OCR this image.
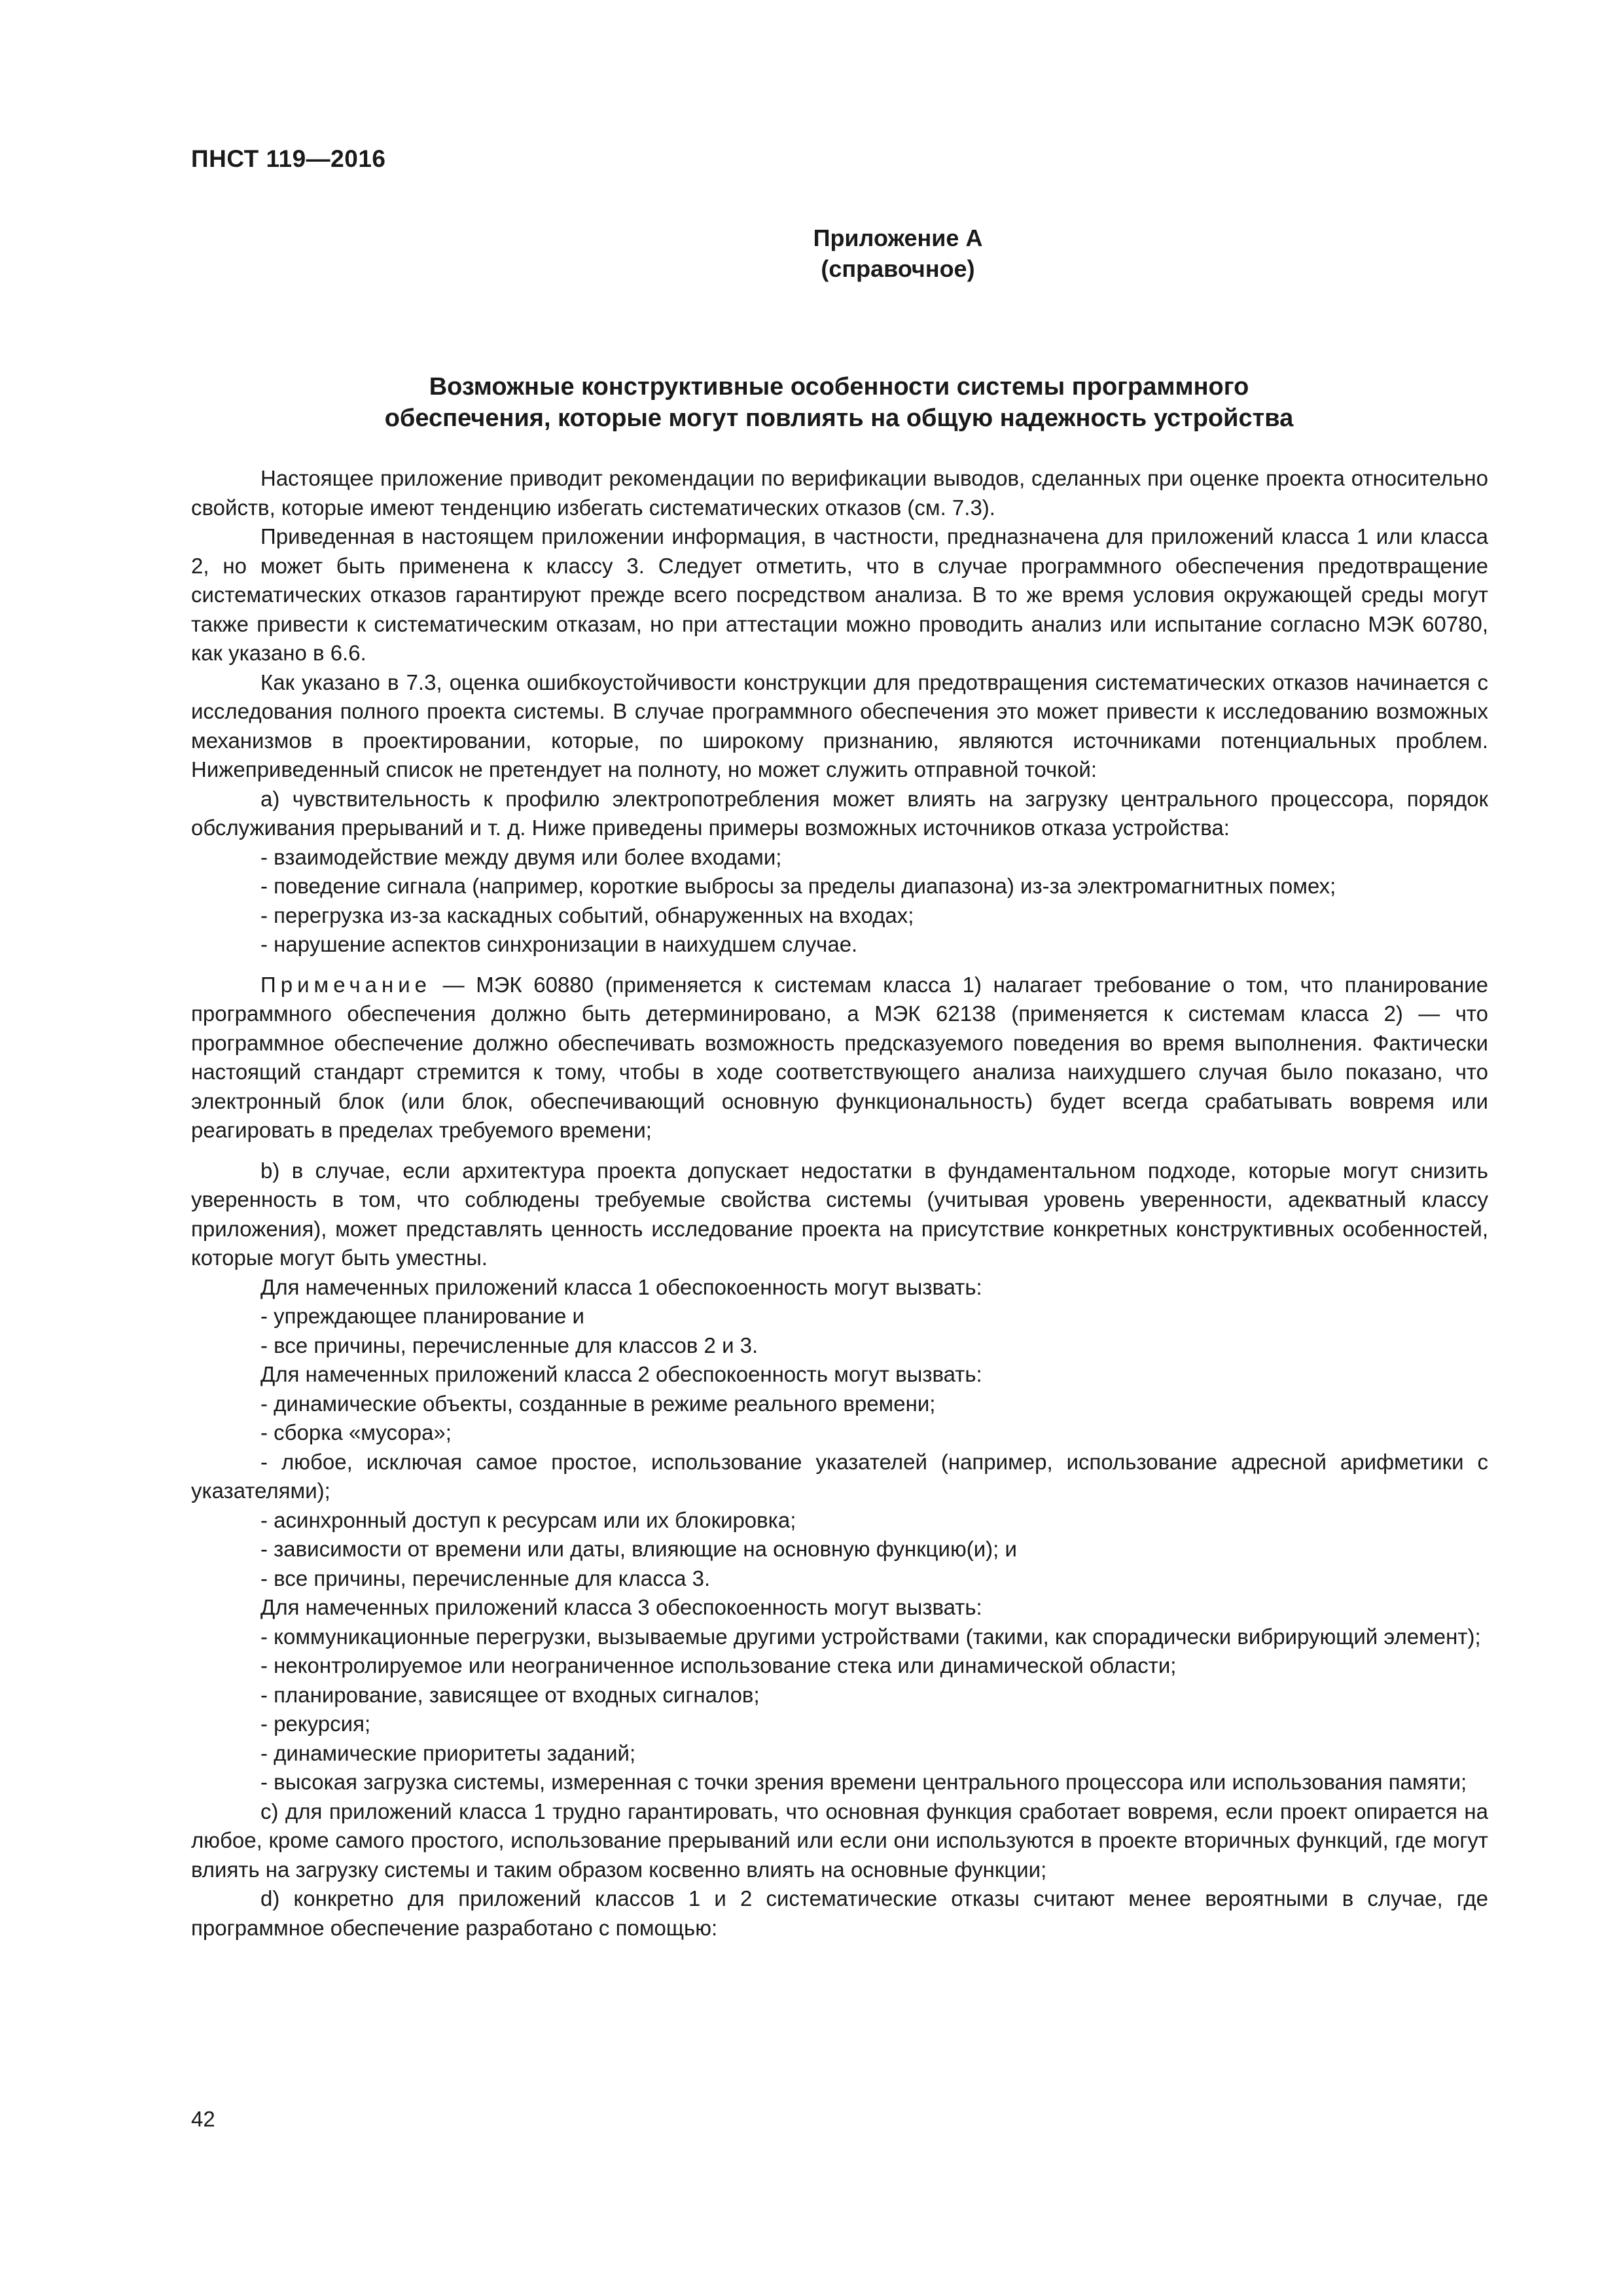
ПНСТ 119—2016
Приложение А
(справочное)
Возможные конструктивные особенности системы программного
обеспечения, которые могут повлиять на общую надежность устройства

Настоящее приложение приводит рекомендации по верификации выводов, сделанных при оценке проекта относительно свойств, которые имеют тенденцию избегать систематических отказов (см. 7.3).

Приведенная в настоящем приложении информация, в частности, предназначена для приложений класса 1 или класса 2, но может быть применена к классу 3. Следует отметить, что в случае программного обеспечения предотвращение систематических отказов гарантируют прежде всего посредством анализа. В то же время условия окружающей среды могут также привести к систематическим отказам, но при аттестации можно проводить анализ или испытание согласно МЭК 60780, как указано в 6.6.

Как указано в 7.3, оценка ошибкоустойчивости конструкции для предотвращения систематических отказов начинается с исследования полного проекта системы. В случае программного обеспечения это может привести к исследованию возможных механизмов в проектировании, которые, по широкому признанию, являются источниками потенциальных проблем. Нижеприведенный список не претендует на полноту, но может служить отправной точкой:

a) чувствительность к профилю электропотребления может влиять на загрузку центрального процессора, порядок обслуживания прерываний и т. д. Ниже приведены примеры возможных источников отказа устройства:

- взаимодействие между двумя или более входами;

- поведение сигнала (например, короткие выбросы за пределы диапазона) из-за электромагнитных помех;

- перегрузка из-за каскадных событий, обнаруженных на входах;

- нарушение аспектов синхронизации в наихудшем случае.

Примечание — МЭК 60880 (применяется к системам класса 1) налагает требование о том, что планирование программного обеспечения должно быть детерминировано, а МЭК 62138 (применяется к системам класса 2) — что программное обеспечение должно обеспечивать возможность предсказуемого поведения во время выполнения. Фактически настоящий стандарт стремится к тому, чтобы в ходе соответствующего анализа наихудшего случая было показано, что электронный блок (или блок, обеспечивающий основную функциональность) будет всегда срабатывать вовремя или реагировать в пределах требуемого времени;

b) в случае, если архитектура проекта допускает недостатки в фундаментальном подходе, которые могут снизить уверенность в том, что соблюдены требуемые свойства системы (учитывая уровень уверенности, адекватный классу приложения), может представлять ценность исследование проекта на присутствие конкретных конструктивных особенностей, которые могут быть уместны.

Для намеченных приложений класса 1 обеспокоенность могут вызвать:

- упреждающее планирование и

- все причины, перечисленные для классов 2 и 3.

Для намеченных приложений класса 2 обеспокоенность могут вызвать:

- динамические объекты, созданные в режиме реального времени;

- сборка «мусора»;

- любое, исключая самое простое, использование указателей (например, использование адресной арифметики с указателями);

- асинхронный доступ к ресурсам или их блокировка;

- зависимости от времени или даты, влияющие на основную функцию(и); и

- все причины, перечисленные для класса 3.

Для намеченных приложений класса 3 обеспокоенность могут вызвать:

- коммуникационные перегрузки, вызываемые другими устройствами (такими, как спорадически вибрирующий элемент);

- неконтролируемое или неограниченное использование стека или динамической области;

- планирование, зависящее от входных сигналов;

- рекурсия;

- динамические приоритеты заданий;

- высокая загрузка системы, измеренная с точки зрения времени центрального процессора или использования памяти;

c) для приложений класса 1 трудно гарантировать, что основная функция сработает вовремя, если проект опирается на любое, кроме самого простого, использование прерываний или если они используются в проекте вторичных функций, где могут влиять на загрузку системы и таким образом косвенно влиять на основные функции;

d) конкретно для приложений классов 1 и 2 систематические отказы считают менее вероятными в случае, где программное обеспечение разработано с помощью:

42
